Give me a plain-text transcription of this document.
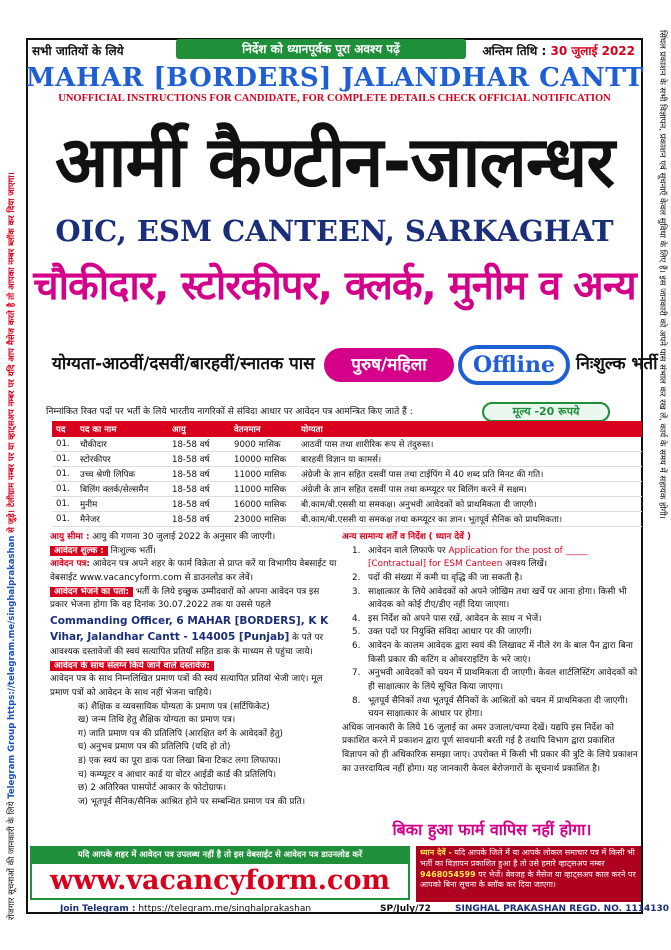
रोजगार सूचनाओं की जानकारी के लिये Telegram Group https://telegram.me/singhalprakashan से जुड़े। टेलीग्राम नम्बर पर या व्हाट्सअप नम्बर पर यदि आप मैसेज करते है तो आपका नम्बर ब्लॉक कर दिया जाएगा।	सिंघल प्रकाशन के सभी विज्ञापन, प्रकाशन एवं सूचनाएँ केवल सुविधा के लिए हैं। इस जानकारी को अपने पास संभाल कर रख लें, कार्य के समय में सहायक होगी।
सभी जातियों के लिये	निर्देश को ध्यानपूर्वक पूरा अवश्य पढ़ें	अन्तिम तिथि : 30 जुलाई 2022
MAHAR [BORDERS] JALANDHAR CANTT
UNOFFICIAL INSTRUCTIONS FOR CANDIDATE, FOR COMPLETE DETAILS CHECK OFFICIAL NOTIFICATION
आर्मी कैण्टीन-जालन्धर
OIC, ESM CANTEEN, SARKAGHAT
चौकीदार, स्टोरकीपर, क्लर्क, मुनीम व अन्य
योग्यता-आठवीं/दसवीं/बारहवीं/स्नातक पास	पुरुष/महिला	Offline	निःशुल्क भर्ती
निम्नांकित रिक्त पदों पर भर्ती के लिये भारतीय नागरिकों से संविदा आधार पर आवेदन पत्र आमन्त्रित किए जाते हैं :	मूल्य -20 रूपये
पद	पद का नाम	आयु	वेतनमान	योग्यता
01.	चौकीदार	18-58 वर्ष	9000 मासिक	आठवीं पास तथा शारीरिक रूप से तंदुरुस्त।
01.	स्टोरकीपर	18-58 वर्ष	10000 मासिक	बारहवीं विज्ञान या कामर्स।
01.	उच्च श्रेणी लिपिक	18-58 वर्ष	11000 मासिक	अंग्रेजी के ज्ञान सहित दसवीं पास तथा टाईपिंग में 40 शब्द प्रति मिनट की गति।
01.	बिलिंग क्लर्क/सेल्समैन	18-58 वर्ष	11000 मासिक	अंग्रेजी के ज्ञान सहित दसवीं पास तथा कम्प्यूटर पर बिलिंग करने में सक्षम।
01.	मुनीम	18-58 वर्ष	16000 मासिक	बी.काम/बी.एससी या समकक्ष। अनुभवी आवेदकों को प्राथमिकता दी जाएगी।
01.	मैनेजर	18-58 वर्ष	23000 मासिक	बी.काम/बी.एससी या समकक्ष तथा कम्प्यूटर का ज्ञान। भूतपूर्व सैनिक को प्राथमिकता।
आयु सीमा : आयु की गणना 30 जुलाई 2022 के अनुसार की जाएगी।
आवेदन शुल्क : निःशुल्क भर्ती।
आवेदन पत्र: आवेदन पत्र अपने शहर के फार्म विक्रेता से प्राप्त करें या विभागीय वेबसाईट या वेबसाईट www.vacancyform.com से डाउनलोड कर लेवें।
आवेदन भेजने का पता: भर्ती के लिये इच्छुक उम्मीदवारों को अपना आवेदन पत्र इस प्रकार भेजना होगा कि वह दिनांक 30.07.2022 तक या उससे पहले Commanding Officer, 6 MAHAR [BORDERS], K K Vihar, Jalandhar Cantt - 144005 [Punjab] के पते पर आवश्यक दस्तावेजों की स्वयं सत्यापित प्रतियाँ सहित डाक के माध्यम से पहुंचा जाये।
आवेदन के साथ संलग्न किये जाने वाले दस्तावेज:
आवेदन पत्र के साथ निम्नलिखित प्रमाण पत्रों की स्वयं सत्यापित प्रतियां भेजी जाएं। मूल प्रमाण पत्रों को आवेदन के साथ नहीं भेजना चाहिये।
क) शैक्षिक व व्यवसायिक योग्यता के प्रमाण पत्र (सर्टिफिकेट)
ख) जन्म तिथि हेतु शैक्षिक योग्यता का प्रमाण पत्र।
ग) जाति प्रमाण पत्र की प्रतिलिपि (आरक्षित वर्ग के आवेदकों हेतु)
घ) अनुभव प्रमाण पत्र की प्रतिलिपि (यदि हो तो)
ड) एक स्वयं का पूरा डाक पता लिखा बिना टिकट लगा लिफाफा।
च) कम्प्यूटर व आधार कार्ड या वोटर आईडी कार्ड की प्रतिलिपि।
छ) 2 अतिरिक्त पासपोर्ट आकार के फोटोग्राफ।
ज) भूतपूर्व सैनिक/सैनिक आश्रित होने पर सम्बन्धित प्रमाण पत्र की प्रति।
अन्य सामान्य शर्तें व निर्देश ( ध्यान देवें )
1. आवेदन वाले लिफाफे पर Application for the post of _____ [Contractual] for ESM Canteen अवश्य लिखें।
2. पदों की संख्या में कमी या वृद्धि की जा सकती है।
3. साक्षात्कार के लिये आवेदकों को अपने जोखिम तथा खर्चे पर आना होगा। किसी भी आवेदक को कोई टीए/डीए नहीं दिया जाएगा।
4. इस निर्देश को अपने पास रखें, आवेदन के साथ न भेजें।
5. उक्त पदों पर नियुक्ति संविदा आधार पर की जाएगी।
6. आवेदन के कालम आवेदक द्वारा स्वयं की लिखावट में नीले रंग के बाल पैन द्वारा बिना किसी प्रकार की कटिंग व ओवरराइटिंग के भरे जाएं।
7. अनुभवी आवेदकों को चयन में प्राथमिकता दी जाएगी। केवल शार्टलिस्टिंग आवेदकों को ही साक्षात्कार के लिये सूचित किया जाएगा।
8. भूतपूर्व सैनिकों तथा भूतपूर्व सैनिकों के आश्रितों को चयन में प्राथमिकता दी जाएगी। चयन साक्षात्कार के आधार पर होगा।
अधिक जानकारी के लिये 16 जुलाई का अमर उजाला/चम्पा देखें। यद्यपि इस निर्देश को प्रकाशित करने में प्रकाशन द्वारा पूर्ण सावधानी बरती गई है तथापि विभाग द्वारा प्रकाशित विज्ञापन को ही अधिकारिक समझा जाए। उपरोक्त में किसी भी प्रकार की त्रुटि के लिये प्रकाशन का उत्तरदायित्व नहीं होगा। यह जानकारी केवल बेरोजगारों के सूचनार्थ प्रकाशित है।
बिका हुआ फार्म वापिस नहीं होगा।
यदि आपके शहर में आवेदन पत्र उपलब्ध नहीं है तो इस वेबसाईट से आवेदन पत्र डाउनलोड करें
www.vacancyform.com
ध्यान देवें - यदि आपके जिले में या आपके लोकल समाचार पत्र में किसी भी भर्ती का विज्ञापन प्रकाशित हुआ है तो उसे हमारे व्हाट्सअप नम्बर 9468054599 पर भेजें। बेवजह के मैसेज या व्हाट्सअप काल करने पर आपको बिना सूचना के ब्लॉक कर दिया जाएगा।
Join Telegram : https://telegram.me/singhalprakashan	SP/July/72	SINGHAL PRAKASHAN REGD. NO. 1114130
